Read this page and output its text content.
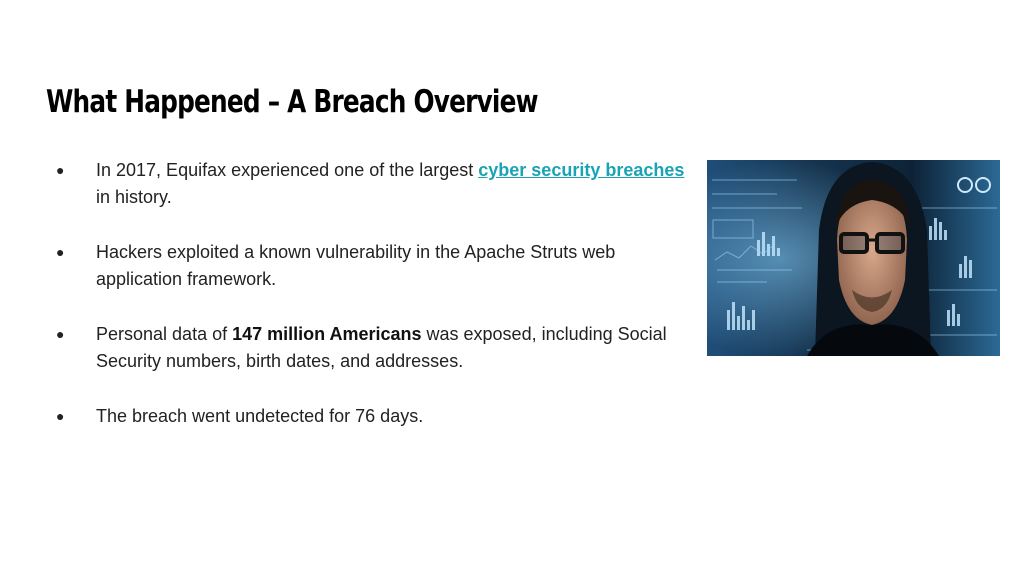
What Happened – A Breach Overview
● In 2017, Equifax experienced one of the largest cyber security breaches in history.
● Hackers exploited a known vulnerability in the Apache Struts web application framework.
● Personal data of 147 million Americans was exposed, including Social Security numbers, birth dates, and addresses.
● The breach went undetected for 76 days.
